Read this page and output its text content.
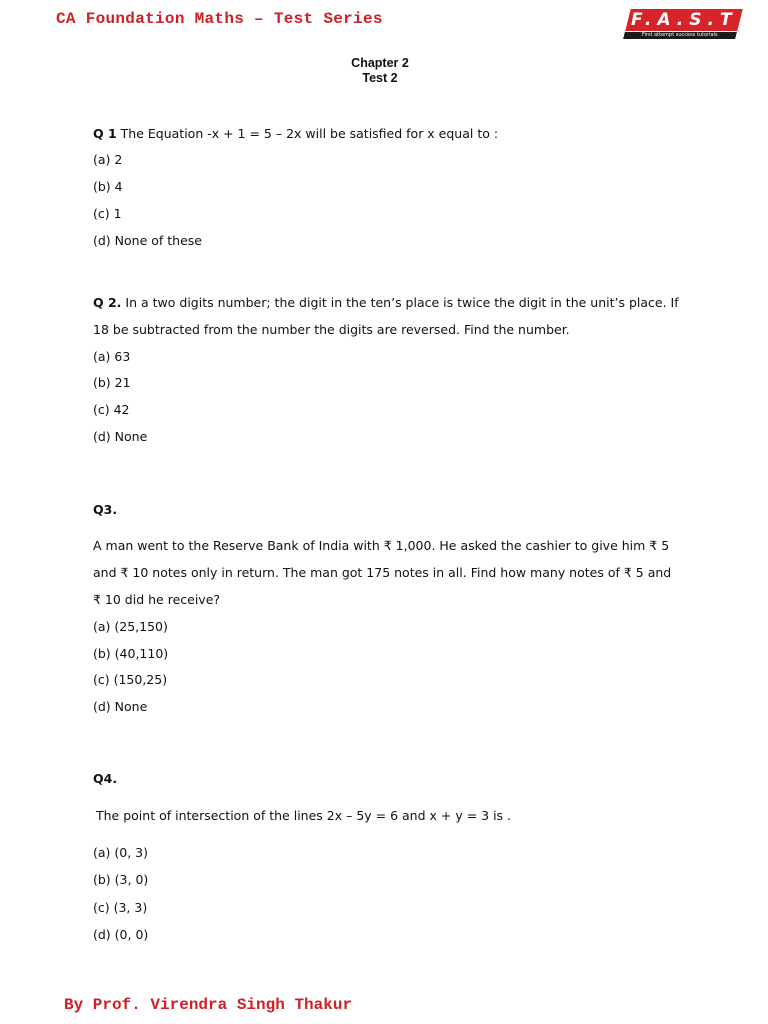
CA Foundation Maths – Test Series	F.A.S.T
First attempt success tutorials
Chapter 2
Test 2
Q 1 The Equation -x + 1 = 5 – 2x will be satisfied for x equal to :
(a) 2
(b) 4
(c) 1
(d) None of these
Q 2. In a two digits number; the digit in the ten’s place is twice the digit in the unit’s place. If
18 be subtracted from the number the digits are reversed. Find the number.
(a) 63
(b) 21
(c) 42
(d) None
Q3.
A man went to the Reserve Bank of India with ₹ 1,000. He asked the cashier to give him ₹ 5
and ₹ 10 notes only in return. The man got 175 notes in all. Find how many notes of ₹ 5 and
₹ 10 did he receive?
(a) (25,150)
(b) (40,110)
(c) (150,25)
(d) None
Q4.
The point of intersection of the lines 2x – 5y = 6 and x + y = 3 is .
(a) (0, 3)
(b) (3, 0)
(c) (3, 3)
(d) (0, 0)
By Prof. Virendra Singh Thakur
